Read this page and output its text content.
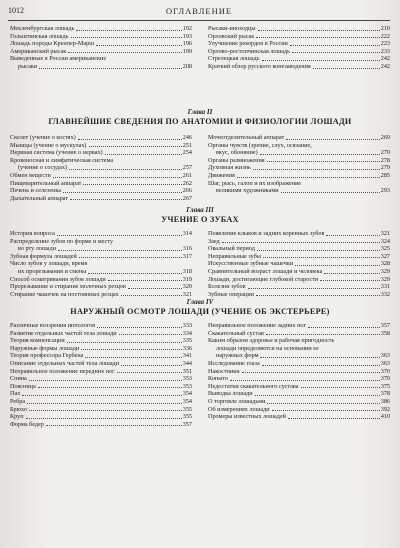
1012	ОГЛАВЛЕНИЕ
Мекленбургская лошадь	192
Гольштинская лошадь	193
Лошадь породы Кренпер-Марш	196
Американский рысак	199
Выведенные в России американские
рысаки	208
Рысаки-иноходцы	210
Орловский рысак	222
Улучшение рекордов в России	223
Орлово-ростопчинская лошадь	233
Стрелецкая лошадь	242
Краткий обзор русского конезаводения	242
Глава II
ГЛАВНЕЙШИЕ СВЕДЕНИЯ ПО АНАТОМИИ И ФИЗИОЛОГИИ ЛОШАДИ
Скелет (учение о костях)	246
Мышцы (учение о мускулах)	251
Нервная система (учение о нервах)	254
Кровеносная и лимфатическая система
(учение о сосудах)	257
Обмен веществ	261
Пищеварительный аппарат	262
Печень и селезенка	266
Дыхательный аппарат	267
Мочеотделительный аппарат	269
Органы чувств (зрение, слух, осязание,
вкус, обоняние)	270
Органы размножения	278
Духовная жизнь	279
Движения	285
Шаг, рысь, галоп и их изображение
великими художниками	293
Глава III
УЧЕНИЕ О ЗУБАХ
История вопроса	314
Распределение зубов по форме и месту
во рту лошади	316
Зубная формула лошадей	317
Число зубов у лошади, время
их прорезывания и смены	318
Способ осматривания зубов лошади	319
Прорезывание и стирание молочных резцов	320
Стирание чашечек на постоянных резцах	321
Появление клыков и задних коренных зубов	321
Заед	324
Овальный период	325
Неправильные зубы	327
Искусственные зубные чашечки	328
Сравнительный возраст лошади и человека	329
Лошади, достигающие глубокой старости	329
Болезни зубов	331
Зубные операции	332
Глава IV
НАРУЖНЫЙ ОСМОТР ЛОШАДИ (УЧЕНИЕ ОБ ЭКСТЕРЬЕРЕ)
Различные воззрения иппологов	333
Развитие отдельных частей тела лошади	334
Теория компенсации	335
Наружные формы лошади	336
Теория профессора Гербена	341
Описание отдельных частей тела лошади	344
Неправильное положение передних ног	351
Спина	353
Поясница	353
Пах	354
Ребра	354
Брюхо	355
Круп	355
Форма бедер	357
Неправильное положение задних ног	357
Скакательный сустав	358
Каким образом здоровье и рабочая пригодность
лошади определяются на основании ее
наружных форм	363
Исследование глаза	363
Накостники	370
Копыто	370
Недостатки скакательного сустава	375
Выводка лошади	378
О торговле лошадьми	386
Об измерениях лошади	392
Промеры известных лошадей	410
